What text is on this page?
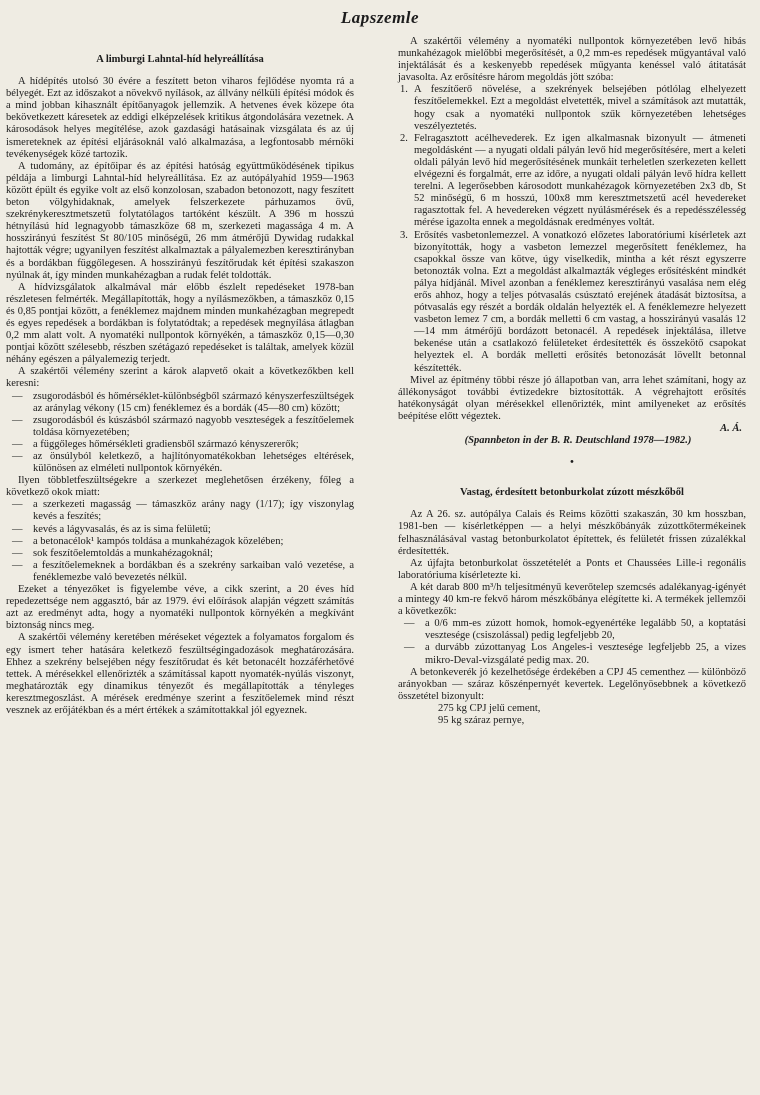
Lapszemle
A limburgi Lahntal-híd helyreállítása

A hídépítés utolsó 30 évére a feszített beton viharos fejlődése nyomta rá a bélyegét. Ezt az időszakot a növekvő nyílások, az állvány nélküli építési módok és a mind jobban kihasznált építőanyagok jellemzik. A hetvenes évek közepe óta bekövetkezett káresetek az eddigi elképzelések kritikus átgondolására vezetnek. A károsodások helyes megítélése, azok gazdasági hatásainak vizsgálata és az új ismereteknek az építési eljárásoknál való alkalmazása, a legfontosabb mérnöki tevékenységek közé tartozik.

A tudomány, az építőipar és az építési hatóság együttműködésének tipikus példája a limburgi Lahntal-híd helyreállítása. Ez az autópályahíd 1959—1963 között épült és egyike volt az első konzolosan, szabadon betonozott, nagy feszített beton völgyhidaknak, amelyek felszerkezete párhuzamos övű, szekrénykeresztmetszetű folytatólagos tartóként készült. A 396 m hosszú hétnyílású híd legnagyobb támaszköze 68 m, szerkezeti magassága 4 m. A hosszirányú feszítést St 80/105 minőségű, 26 mm átmérőjű Dywidag rudakkal hajtották végre; ugyanilyen feszítést alkalmaztak a pályalemezben keresztirányban és a bordákban függőlegesen. A hosszirányú feszítőrudak két építési szakaszon nyúlnak át, így minden munkahézagban a rudak felét toldották.

A hídvizsgálatok alkalmával már előbb észlelt repedéseket 1978-ban részletesen felmérték. Megállapították, hogy a nyílásmezőkben, a támaszköz 0,15 és 0,85 pontjai között, a fenéklemez majdnem minden munkahézagban megrepedt és egyes repedések a bordákban is folytatódtak; a repedések megnyílása átlagban 0,2 mm alatt volt. A nyomatéki nullpontok környékén, a támaszköz 0,15—0,30 pontjai között szélesebb, részben szétágazó repedéseket is találtak, amelyek közül néhány egészen a pályalemezig terjedt.

A szakértői vélemény szerint a károk alapvető okait a következőkben kell keresni:

— zsugorodásból és hőmérséklet-különbségből származó kényszerfeszültségek az aránylag vékony (15 cm) fenéklemez és a bordák (45—80 cm) között;
— zsugorodásból és kúszásból származó nagyobb veszteségek a feszítőelemek toldása környezetében;
— a függőleges hőmérsékleti gradiensből származó kényszererők;
— az önsúlyból keletkező, a hajlítónyomatékokban lehetséges eltérések, különösen az elméleti nullpontok környékén.

Ilyen többletfeszültségekre a szerkezet meglehetősen érzékeny, főleg a következő okok miatt:

— a szerkezeti magasság — támaszköz arány nagy (1/17); így viszonylag kevés a feszítés;
— kevés a lágyvasalás, és az is sima felületű;
— a betonacélok¹ kampós toldása a munkahézagok közelében;
— sok feszítőelemtoldás a munkahézagoknál;
— a feszítőelemeknek a bordákban és a szekrény sarkaiban való vezetése, a fenéklemezbe való bevezetés nélkül.

Ezeket a tényezőket is figyelembe véve, a cikk szerint, a 20 éves híd repedezettsége nem aggasztó, bár az 1979. évi előírások alapján végzett számítás azt az eredményt adta, hogy a nyomatéki nullpontok környékén a megkívánt biztonság nincs meg.

A szakértői vélemény keretében méréseket végeztek a folyamatos forgalom és egy ismert teher hatására keletkező feszültségingadozások meghatározására. Ehhez a szekrény belsejében négy feszítőrudat és két betonacélt hozzáférhetővé tettek. A mérésekkel ellenőrizték a számítással kapott nyomaték-nyúlás viszonyt, meghatározták egy dinamikus tényezőt és megállapították a tényleges keresztmegoszlást. A mérések eredménye szerint a feszítőelemek mind részt vesznek az erőjátékban és a mért értékek a számítottakkal jól egyeznek.

A szakértői vélemény a nyomatéki nullpontok környezetében levő hibás munkahézagok mielőbbi megerősítését, a 0,2 mm-es repedések műgyantával való injektálását és a keskenyebb repedések műgyanta kenéssel való átitatását javasolta. Az erősítésre három megoldás jött szóba:

1. A feszítőerő növelése, a szekrények belsejében pótlólag elhelyezett feszítőelemekkel. Ezt a megoldást elvetették, mivel a számítások azt mutatták, hogy csak a nyomatéki nullpontok szűk környezetében lehetséges veszélyeztetés.
2. Felragasztott acélhevederek. Ez igen alkalmasnak bizonyult — átmeneti megoldásként — a nyugati oldali pályán levő híd megerősítésére, mert a keleti oldali pályán levő híd megerősítésének munkáit terheletlen szerkezeten kellett elvégezni és forgalmát, erre az időre, a nyugati oldali pályán levő hídra kellett terelni. A legerősebben károsodott munkahézagok környezetében 2x3 db, St 52 minőségű, 6 m hosszú, 100x8 mm keresztmetszetű acél hevedereket ragasztottak fel. A hevedereken végzett nyúlásmérések és a repedésszélesség mérése igazolta ennek a megoldásnak eredményes voltát.
3. Erősítés vasbetonlemezzel. A vonatkozó előzetes laboratóriumi kísérletek azt bizonyították, hogy a vasbeton lemezzel megerősített fenéklemez, ha csapokkal össze van kötve, úgy viselkedik, mintha a két részt egyszerre betonozták volna. Ezt a megoldást alkalmazták végleges erősítésként mindkét pálya hídjánál. Mivel azonban a fenéklemez keresztirányú vasalása nem elég erős ahhoz, hogy a teljes pótvasalás csúsztató erejének átadását biztosítsa, a pótvasalás egy részét a bordák oldalán helyezték el. A fenéklemezre helyezett vasbeton lemez 7 cm, a bordák melletti 6 cm vastag, a hosszirányú vasalás 12—14 mm átmérőjű bordázott betonacél. A repedések injektálása, illetve bekenése után a csatlakozó felületeket érdesítették és összekötő csapokat helyeztek el. A bordák melletti erősítés betonozását lövellt betonnal készítették.

Mivel az építmény többi része jó állapotban van, arra lehet számítani, hogy az állékonyságot további évtizedekre biztosították. A végrehajtott erősítés hatékonyságát olyan mérésekkel ellenőrizték, mint amilyeneket az erősítés beépítése előtt végeztek.

A. Á.

(Spannbeton in der B. R. Deutschland 1978—1982.)

•
Vastag, érdesített betonburkolat zúzott mészkőből

Az A 26. sz. autópálya Calais és Reims közötti szakaszán, 30 km hosszban, 1981-ben — kísérletképpen — a helyi mészkőbányák zúzottkőtermékeinek felhasználásával vastag betonburkolatot építettek, és felületét frissen zúzalékkal érdesítették.

Az újfajta betonburkolat összetételét a Ponts et Chaussées Lille-i regonális laboratóriuma kísérletezte ki.

A két darab 800 m³/h teljesítményű keverőtelep szemcsés adalékanyag-igényét a mintegy 40 km-re fekvő három mészkőbánya elégítette ki. A termékek jellemzői a következők:

— a 0/6 mm-es zúzott homok, homok-egyenértéke legalább 50, a koptatási vesztesége (csiszolással) pedig legfeljebb 20,
— a durvább zúzottanyag Los Angeles-i vesztesége legfeljebb 25, a vizes mikro-Deval-vizsgálaté pedig max. 20.

A betonkeverék jó kezelhetősége érdekében a CPJ 45 cementhez — különböző arányokban — száraz kőszénpernyét kevertek. Legelőnyösebbnek a következő összetétel bizonyult:

275 kg CPJ jelű cement,

95 kg száraz pernye,
